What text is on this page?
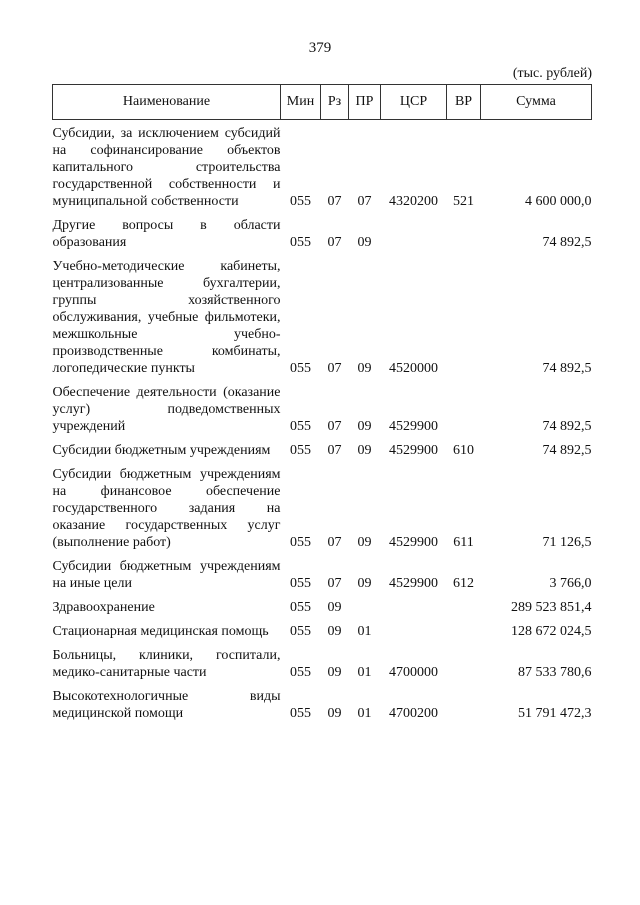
379
(тыс. рублей)
Наименование	Мин	Рз	ПР	ЦСР	ВР	Сумма
Субсидии, за исключением субсидий на софинансирование объектов капитального строительства государственной собственности и муниципальной собственности	055	07	07	4320200	521	4 600 000,0
Другие вопросы в области образования	055	07	09			74 892,5
Учебно-методические кабинеты, централизованные бухгалтерии, группы хозяйственного обслуживания, учебные фильмотеки, межшкольные учебно-производственные комбинаты, логопедические пункты	055	07	09	4520000		74 892,5
Обеспечение деятельности (оказание услуг) подведомственных учреждений	055	07	09	4529900		74 892,5
Субсидии бюджетным учреждениям	055	07	09	4529900	610	74 892,5
Субсидии бюджетным учреждениям на финансовое обеспечение государственного задания на оказание государственных услуг (выполнение работ)	055	07	09	4529900	611	71 126,5
Субсидии бюджетным учреждениям на иные цели	055	07	09	4529900	612	3 766,0
Здравоохранение	055	09				289 523 851,4
Стационарная медицинская помощь	055	09	01			128 672 024,5
Больницы, клиники, госпитали, медико-санитарные части	055	09	01	4700000		87 533 780,6
Высокотехнологичные виды медицинской помощи	055	09	01	4700200		51 791 472,3
